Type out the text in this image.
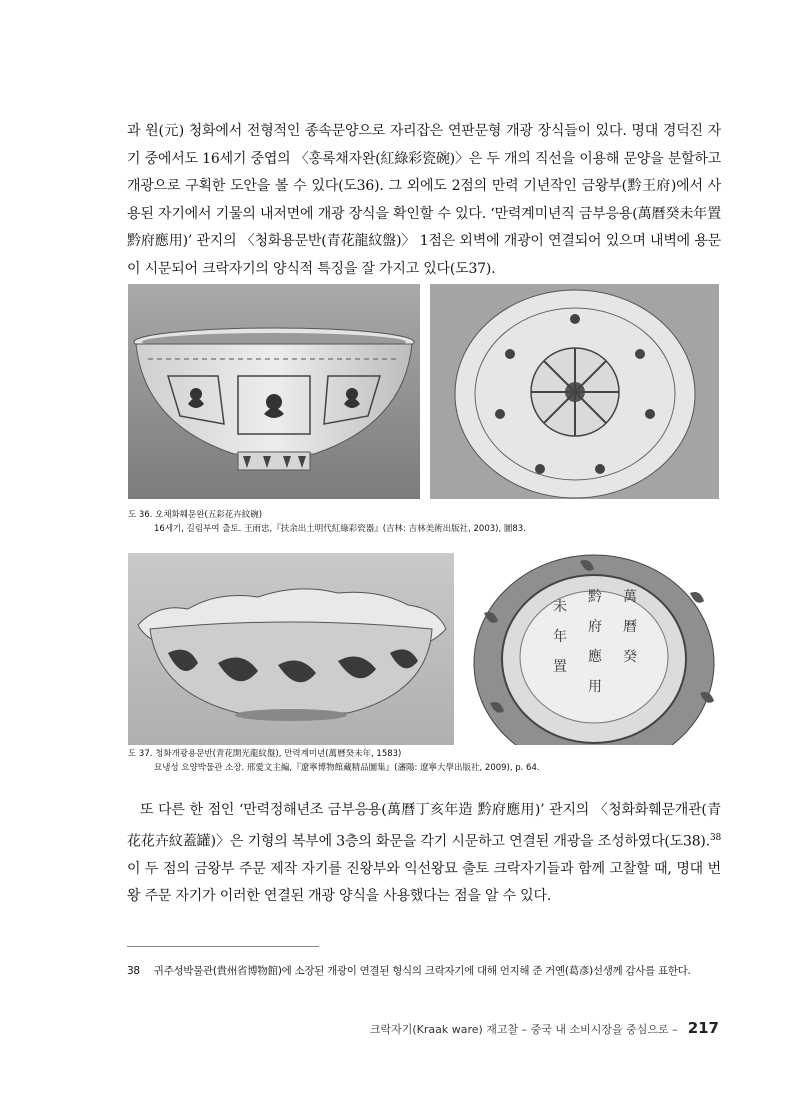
과 원(元) 청화에서 전형적인 종속문양으로 자리잡은 연판문형 개광 장식들이 있다. 명대 경덕진 자기 중에서도 16세기 중엽의 〈홍록채자완(紅綠彩瓷碗)〉은 두 개의 직선을 이용해 문양을 분할하고 개광으로 구획한 도안을 볼 수 있다(도36). 그 외에도 2점의 만력 기년작인 금왕부(黔王府)에서 사용된 자기에서 기물의 내저면에 개광 장식을 확인할 수 있다. ‘만력계미년직 금부응용(萬曆癸未年置 黔府應用)’ 관지의 〈청화용문반(青花龍紋盤)〉 1점은 외벽에 개광이 연결되어 있으며 내벽에 용문이 시문되어 크락자기의 양식적 특징을 잘 가지고 있다(도37).
도 36. 오채화훼문완(五彩花卉紋碗)
16세기, 길림부여 출토. 王雨忠,『扶余出土明代紅綠彩瓷器』(吉林: 吉林美術出版社, 2003), 圖83.
萬
曆
癸
黔
府
應
未
年
置
用
도 37. 청화개광용문반(青花開光龍紋盤), 만력계미년(萬曆癸未年, 1583)
묘냉성 요양박물관 소장. 邢愛文主編,『遼寧博物館藏精品圖集』(瀋陽: 遼寧大學出版社, 2009), p. 64.
또 다른 한 점인 ‘만력정해년조 금부응용(萬曆丁亥年造 黔府應用)’ 관지의 〈청화화훼문개관(青花花卉紋蓋罐)〉은 기형의 복부에 3층의 화문을 각기 시문하고 연결된 개광을 조성하였다(도38).$^{38}$ 이 두 점의 금왕부 주문 제작 자기를 진왕부와 익선왕묘 출토 크락자기들과 함께 고찰할 때, 명대 번왕 주문 자기가 이러한 연결된 개광 양식을 사용했다는 점을 알 수 있다.
38 귀주성박물관(貴州省博物館)에 소장된 개광이 연결된 형식의 크락자기에 대해 언지해 준 거옌(葛彥)선생께 감사를 표한다.
크락자기(Kraak ware) 재고찰 – 중국 내 소비시장을 중심으로 – 217
